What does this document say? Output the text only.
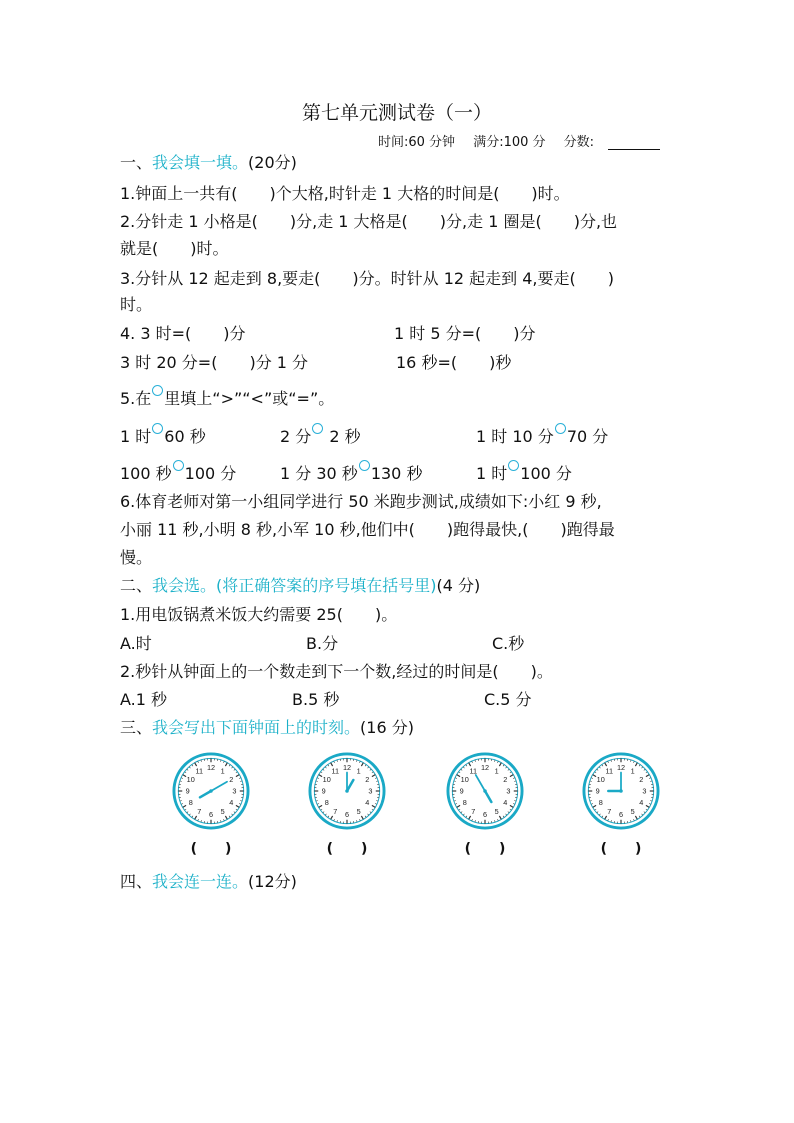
第七单元测试卷（一）
时间:60 分钟 满分:100 分 分数:
一、我会填一填。(20分)
1.钟面上一共有(　　)个大格,时针走 1 大格的时间是(　　)时。
2.分针走 1 小格是(　　)分,走 1 大格是(　　)分,走 1 圈是(　　)分,也
就是(　　)时。
3.分针从 12 起走到 8,要走(　　)分。时针从 12 起走到 4,要走(　　)
时。
4. 3 时=(　　)分	1 时 5 分=(　　)分
3 时 20 分=(　　)分 1 分	16 秒=(　　)秒
5.在 里填上“>”“<”或“=”。
1 时 60 秒	2 分 2 秒	1 时 10 分 70 分
100 秒 100 分	1 分 30 秒 130 秒	1 时 100 分
6.体育老师对第一小组同学进行 50 米跑步测试,成绩如下:小红 9 秒,
小丽 11 秒,小明 8 秒,小军 10 秒,他们中(　　)跑得最快,(　　)跑得最
慢。
二、我会选。(将正确答案的序号填在括号里)(4 分)
1.用电饭锅煮米饭大约需要 25(　　)。
A.时	B.分	C.秒
2.秒针从钟面上的一个数走到下一个数,经过的时间是(　　)。
A.1 秒	B.5 秒	C.5 分
三、我会写出下面钟面上的时刻。(16 分)
12 1
2
3
4
5
6
7
8
9
10
11	12 1
2
3
4
5
6
7
8
9
10
11	12 1
2
3
4
5
6
7
8
9
10
11	12 1
2
3
4
5
6
7
8
9
10
11
(　　)	(　　)	(　　)	(　　)
四、我会连一连。(12分)
